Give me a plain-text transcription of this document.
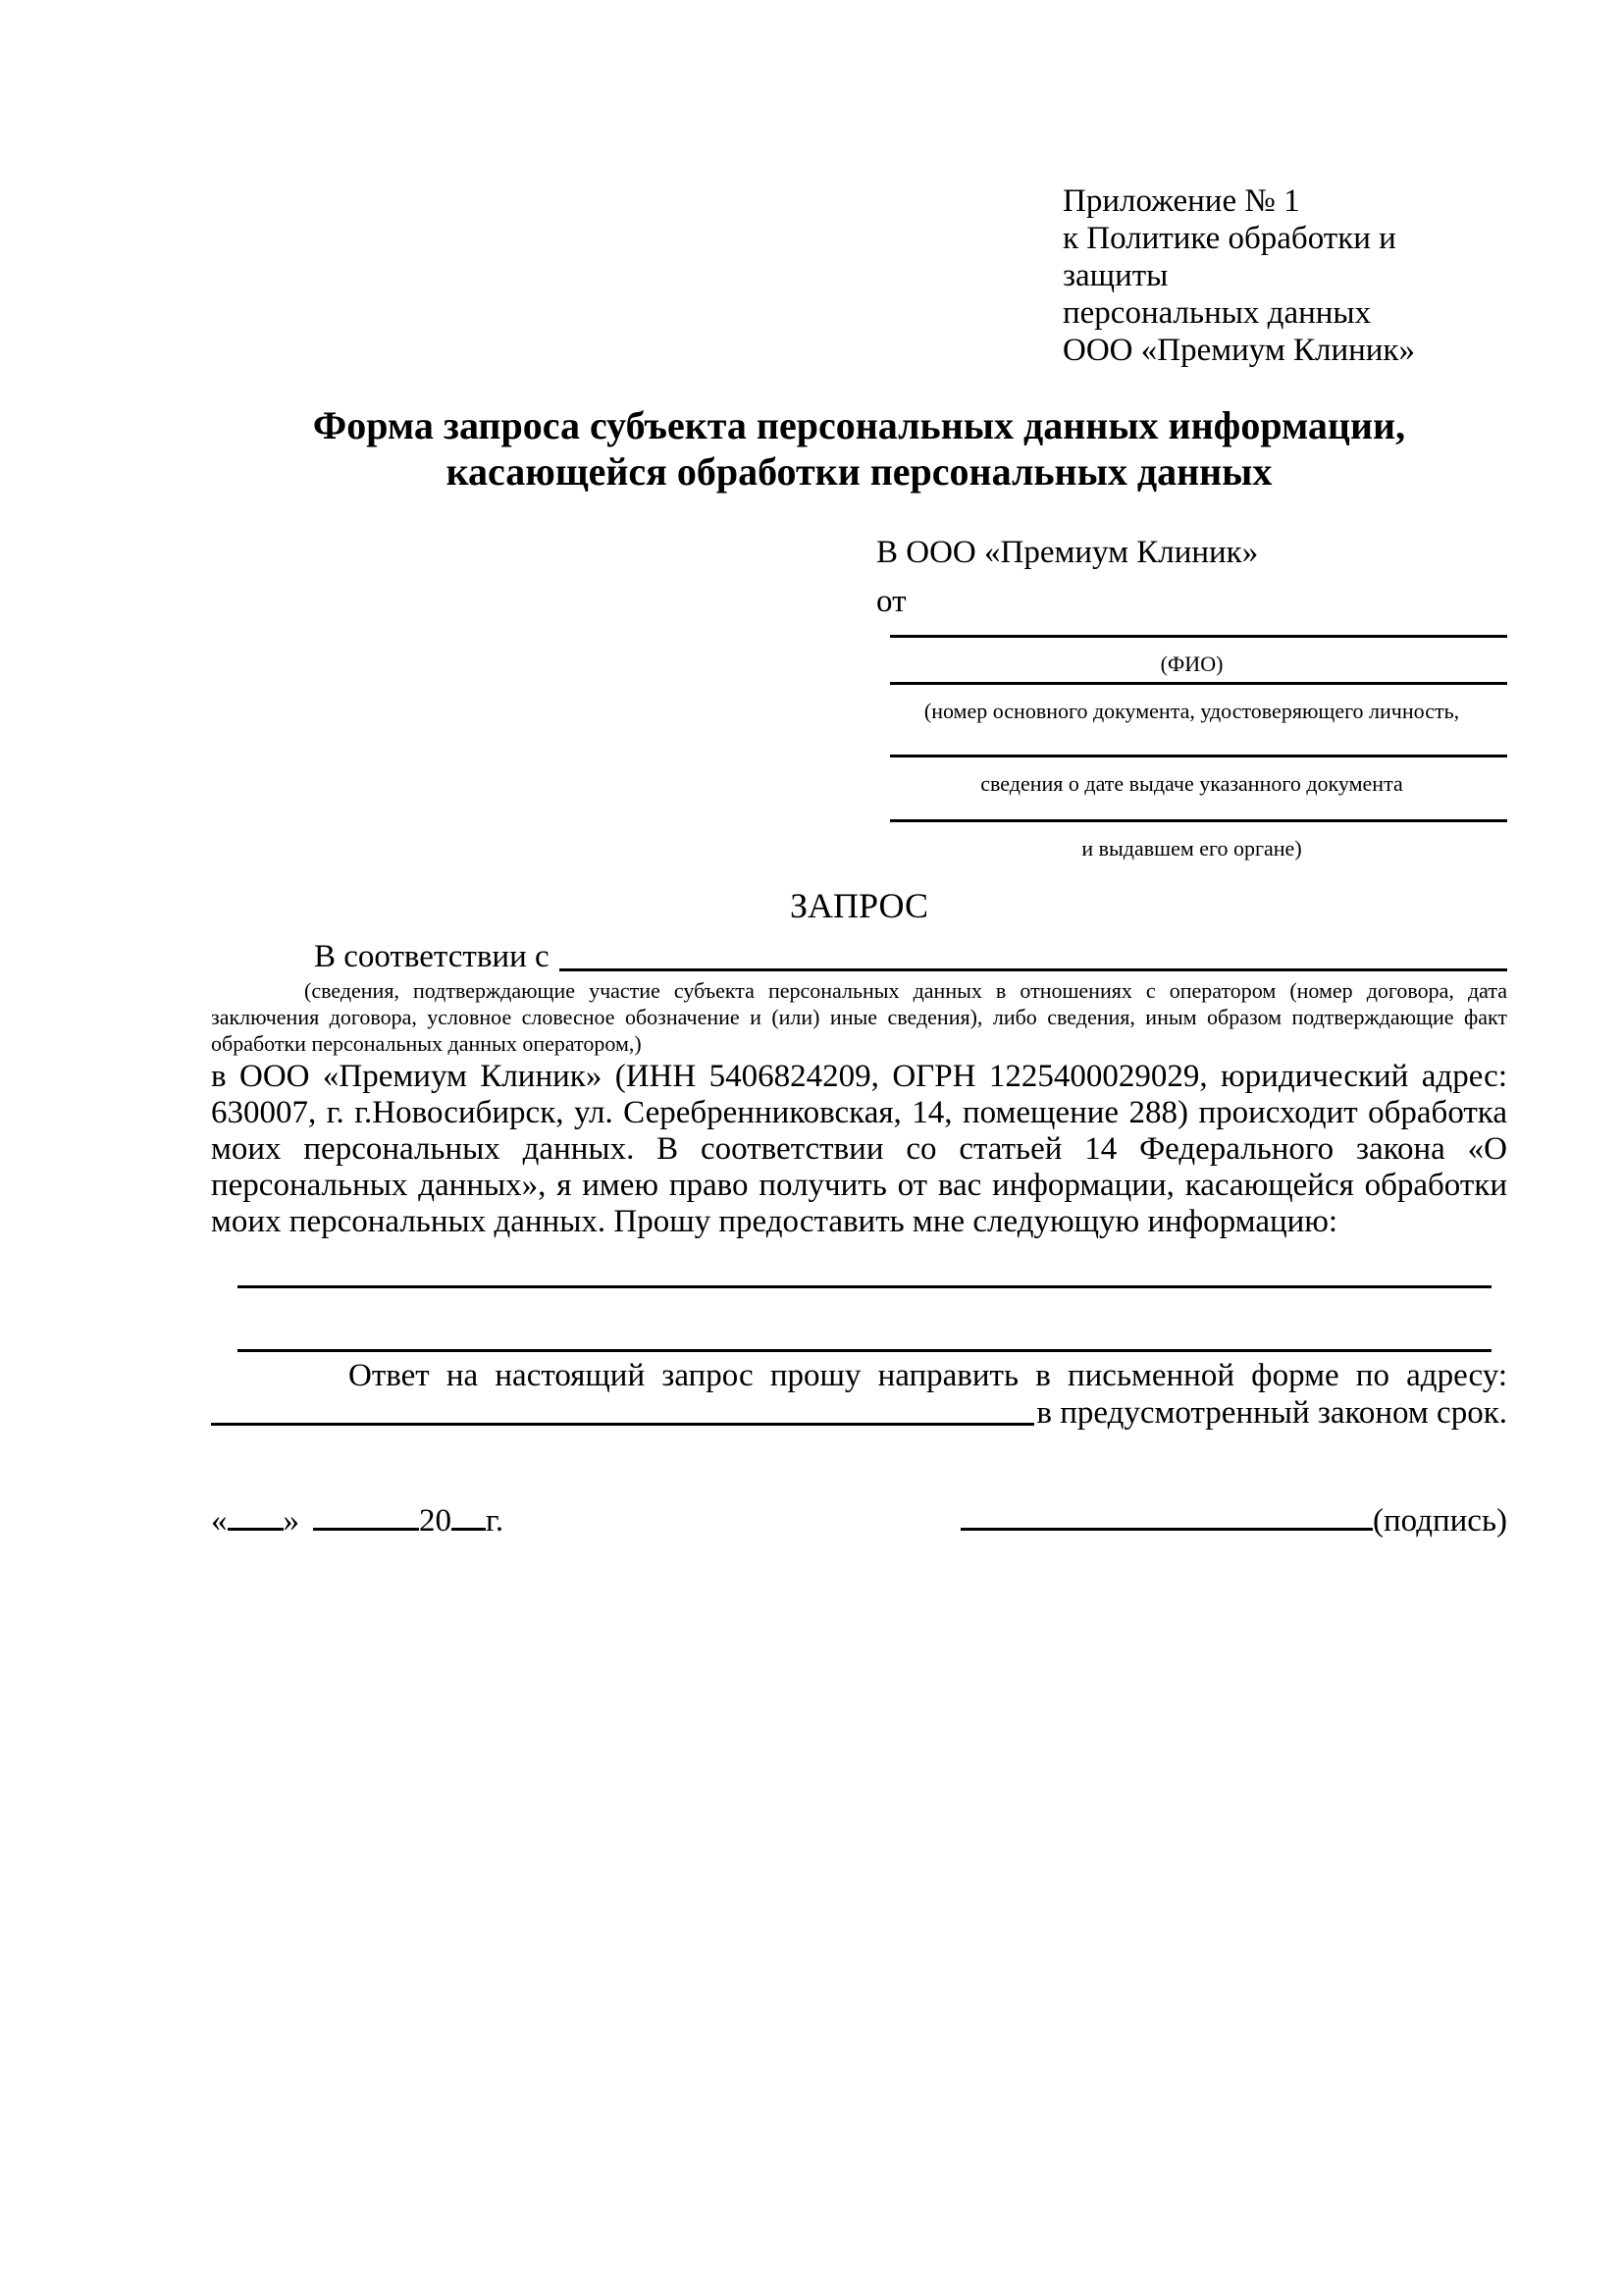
Приложение № 1
к Политике обработки и защиты
персональных данных
ООО «Премиум Клиник»
Форма запроса субъекта персональных данных информации,
касающейся обработки персональных данных
В ООО «Премиум Клиник»
от
(ФИО)
(номер основного документа, удостоверяющего личность,
сведения о дате выдаче указанного документа
и выдавшем его органе)
ЗАПРОС
В соответствии с
(сведения, подтверждающие участие субъекта персональных данных в отношениях с оператором (номер договора, дата заключения договора, условное словесное обозначение и (или) иные сведения), либо сведения, иным образом подтверждающие факт обработки персональных данных оператором,)
в ООО «Премиум Клиник» (ИНН 5406824209, ОГРН 1225400029029, юридический адрес: 630007, г. г.Новосибирск, ул. Серебренниковская, 14, помещение 288) происходит обработка моих персональных данных. В соответствии со статьей 14 Федерального закона «О персональных данных», я имею право получить от вас информации, касающейся обработки моих персональных данных. Прошу предоставить мне следующую информацию:
Ответ на настоящий запрос прошу направить в письменной форме по адресу:
в предусмотренный законом срок.
« »	20 г.	(подпись)
